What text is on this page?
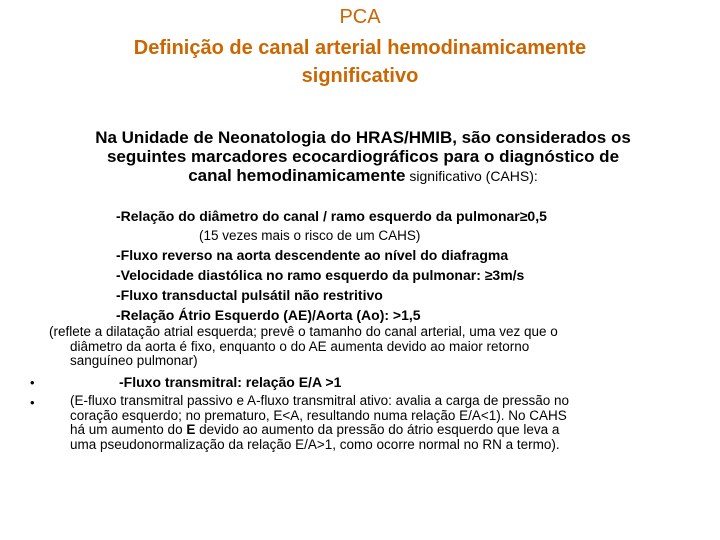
PCA
Definição de canal arterial hemodinamicamente
significativo
Na Unidade de Neonatologia do HRAS/HMIB, são considerados os
seguintes marcadores ecocardiográficos para o diagnóstico de
canal hemodinamicamente significativo (CAHS):
-Relação do diâmetro do canal / ramo esquerdo da pulmonar≥0,5
(15 vezes mais o risco de um CAHS)
-Fluxo reverso na aorta descendente ao nível do diafragma
-Velocidade diastólica no ramo esquerdo da pulmonar: ≥3m/s
-Fluxo transductal pulsátil não restritivo
-Relação Átrio Esquerdo (AE)/Aorta (Ao): >1,5
(reflete a dilatação atrial esquerda; prevê o tamanho do canal arterial, uma vez que o
diâmetro da aorta é fixo, enquanto o do AE aumenta devido ao maior retorno
sanguíneo pulmonar)
•	-Fluxo transmitral: relação E/A >1
•	(E-fluxo transmitral passivo e A-fluxo transmitral ativo: avalia a carga de pressão no
coração esquerdo; no prematuro, E<A, resultando numa relação E/A<1). No CAHS
há um aumento do E devido ao aumento da pressão do átrio esquerdo que leva a
uma pseudonormalização da relação E/A>1, como ocorre normal no RN a termo).
